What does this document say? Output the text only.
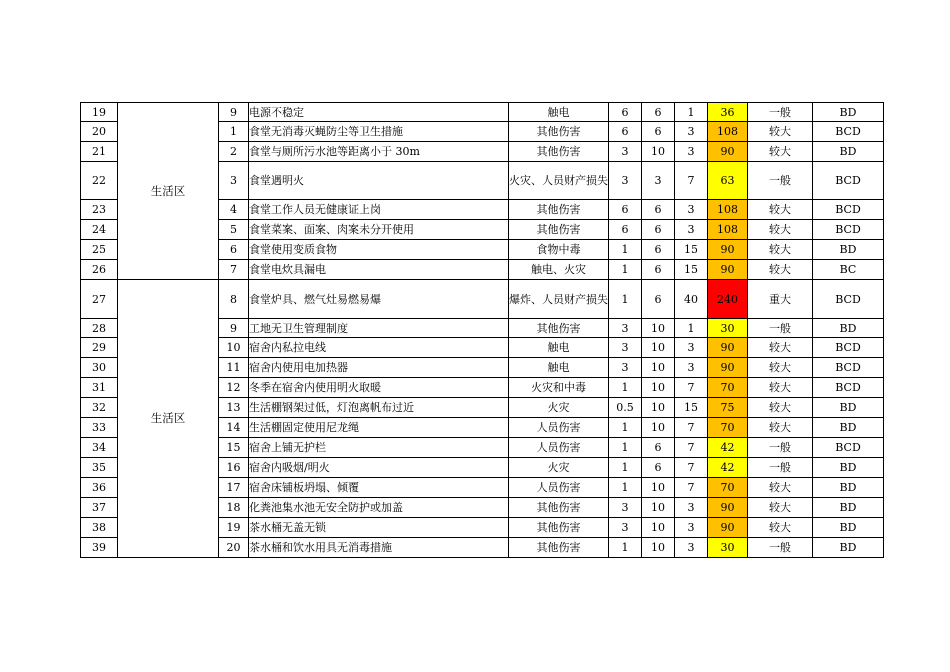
19	生活区	9	电源不稳定	触电	6	6	1	36	一般	BD
20		1	食堂无消毒灭蝇防尘等卫生措施	其他伤害	6	6	3	108	较大	BCD
21		2	食堂与厕所污水池等距离小于 30m	其他伤害	3	10	3	90	较大	BD
22		3	食堂遇明火	火灾、人员财产损失	3	3	7	63	一般	BCD
23		4	食堂工作人员无健康证上岗	其他伤害	6	6	3	108	较大	BCD
24		5	食堂菜案、面案、肉案未分开使用	其他伤害	6	6	3	108	较大	BCD
25		6	食堂使用变质食物	食物中毒	1	6	15	90	较大	BD
26		7	食堂电炊具漏电	触电、火灾	1	6	15	90	较大	BC
27	生活区	8	食堂炉具、燃气灶易燃易爆	爆炸、人员财产损失	1	6	40	240	重大	BCD
28		9	工地无卫生管理制度	其他伤害	3	10	1	30	一般	BD
29		10	宿舍内私拉电线	触电	3	10	3	90	较大	BCD
30		11	宿舍内使用电加热器	触电	3	10	3	90	较大	BCD
31		12	冬季在宿舍内使用明火取暖	火灾和中毒	1	10	7	70	较大	BCD
32		13	生活棚钢架过低，灯泡离帆布过近	火灾	0.5	10	15	75	较大	BD
33		14	生活棚固定使用尼龙绳	人员伤害	1	10	7	70	较大	BD
34		15	宿舍上铺无护栏	人员伤害	1	6	7	42	一般	BCD
35		16	宿舍内吸烟/明火	火灾	1	6	7	42	一般	BD
36		17	宿舍床铺板坍塌、倾覆	人员伤害	1	10	7	70	较大	BD
37		18	化粪池集水池无安全防护或加盖	其他伤害	3	10	3	90	较大	BD
38		19	茶水桶无盖无锁	其他伤害	3	10	3	90	较大	BD
39		20	茶水桶和饮水用具无消毒措施	其他伤害	1	10	3	30	一般	BD
